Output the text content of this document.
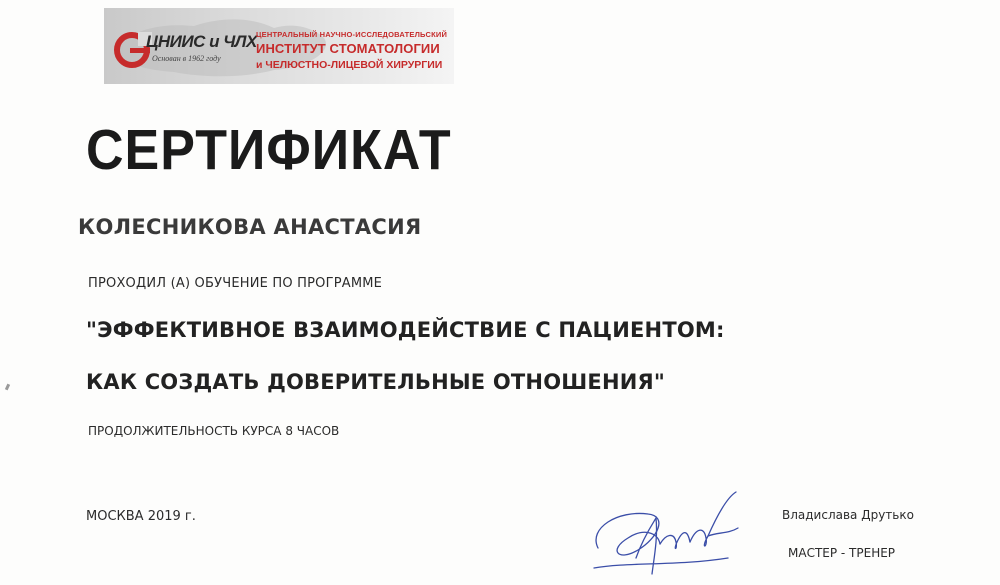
ЦНИИС и ЧЛХ
Основан в 1962 году
ЦЕНТРАЛЬНЫЙ НАУЧНО-ИССЛЕДОВАТЕЛЬСКИЙ
ИНСТИТУТ СТОМАТОЛОГИИ
и ЧЕЛЮСТНО-ЛИЦЕВОЙ ХИРУРГИИ
СЕРТИФИКАТ
КОЛЕСНИКОВА АНАСТАСИЯ
ПРОХОДИЛ (А) ОБУЧЕНИЕ ПО ПРОГРАММЕ
"ЭФФЕКТИВНОЕ ВЗАИМОДЕЙСТВИЕ С ПАЦИЕНТОМ:
КАК СОЗДАТЬ ДОВЕРИТЕЛЬНЫЕ ОТНОШЕНИЯ"
ПРОДОЛЖИТЕЛЬНОСТЬ КУРСА 8 ЧАСОВ
МОСКВА 2019 г.	Владислава Друтько
МАСТЕР - ТРЕНЕР
